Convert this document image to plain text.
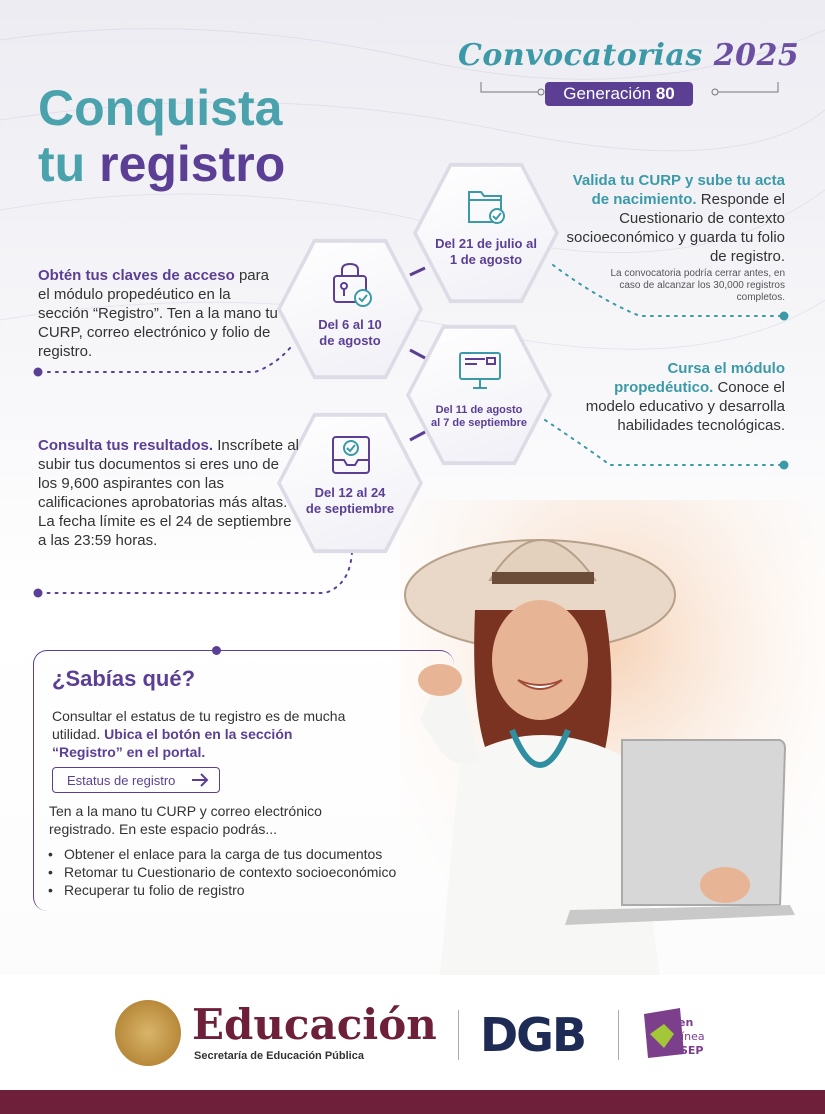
Convocatorias 2025
Generación 80
Conquista
tu registro
Del 21 de julio al
1 de agosto
Del 6 al 10
de agosto
Del 11 de agosto
al 7 de septiembre
Del 12 al 24
de septiembre
Valida tu CURP y sube tu acta de nacimiento. Responde el Cuestionario de contexto socioeconómico y guarda tu folio de registro.
La convocatoria podría cerrar antes, en caso de alcanzar los 30,000 registros completos.
Obtén tus claves de acceso para el módulo propedéutico en la sección “Registro”. Ten a la mano tu CURP, correo electrónico y folio de registro.
Cursa el módulo propedéutico. Conoce el modelo educativo y desarrolla habilidades tecnológicas.
Consulta tus resultados. Inscríbete al subir tus documentos si eres uno de los 9,600 aspirantes con las calificaciones aprobatorias más altas. La fecha límite es el 24 de septiembre a las 23:59 horas.
¿Sabías qué?
Consultar el estatus de tu registro es de mucha utilidad. Ubica el botón en la sección “Registro” en el portal.
Estatus de registro
Ten a la mano tu CURP y correo electrónico registrado. En este espacio podrás...
• Obtener el enlace para la carga de tus documentos
• Retomar tu Cuestionario de contexto socioeconómico
• Recuperar tu folio de registro
Educación
Secretaría de Educación Pública	DGB	en
línea
SEP
